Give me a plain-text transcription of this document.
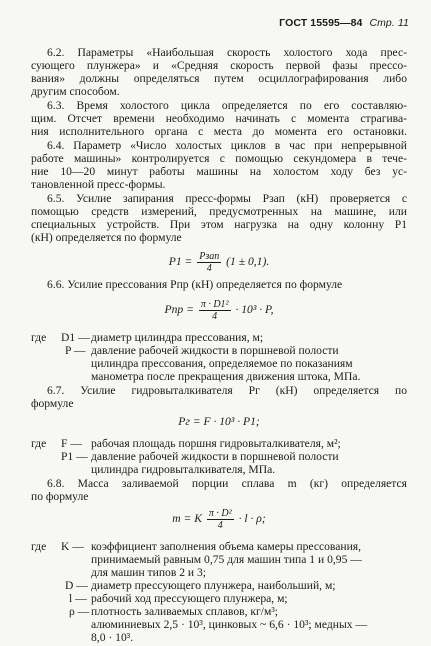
ГОСТ 15595—84 Стр. 11
6.2. Параметры «Наибольшая скорость холостого хода прес-
сующего плунжера» и «Средняя скорость первой фазы прессо-
вания» должны определяться путем осциллографирования либо
другим способом.
6.3. Время холостого цикла определяется по его составляю-
щим. Отсчет времени необходимо начинать с момента страгива-
ния исполнительного органа с места до момента его остановки.
6.4. Параметр «Число холостых циклов в час при непрерывной
работе машины» контролируется с помощью секундомера в тече-
ние 10—20 минут работы машины на холостом ходу без ус-
тановленной пресс-формы.
6.5. Усилие запирания пресс-формы Pзап (кН) проверяется с
помощью средств измерений, предусмотренных на машине, или
специальных устройств. При этом нагрузка на одну колонну P1
(кН) определяется по формуле
$P1 = \frac{\text{Pзап}}{4} (1 \pm 0,1)$.
6.6. Усилие прессования Pпр (кН) определяется по формуле
Pпр = $\frac{\text{π · D1²}}{4} \cdot 10^3 \cdot P$,
где D1 — диаметр цилиндра прессования, м;
P — давление рабочей жидкости в поршневой полости
цилиндра прессования, определяемое по показаниям
манометра после прекращения движения штока, МПа.
6.7. Усилие гидровыталкивателя Pг (кН) определяется по
формуле
Pг = F · 10³ · P1;
где F — рабочая площадь поршня гидровыталкивателя, м²;
P1 — давление рабочей жидкости в поршневой полости
цилиндра гидровыталкивателя, МПа.
6.8. Масса заливаемой порции сплава m (кг) определяется
по формуле
m = K $\frac{\text{π · D²}}{4} \cdot l \cdot \rho$;
где K — коэффициент заполнения объема камеры прессования,
принимаемый равным 0,75 для машин типа 1 и 0,95 —
для машин типов 2 и 3;
D — диаметр прессующего плунжера, наибольший, м;
l — рабочий ход прессующего плунжера, м;
ρ — плотность заливаемых сплавов, кг/м³;
алюминиевых 2,5 · 10³, цинковых ~ 6,6 · 10³; медных —
8,0 · 10³.
